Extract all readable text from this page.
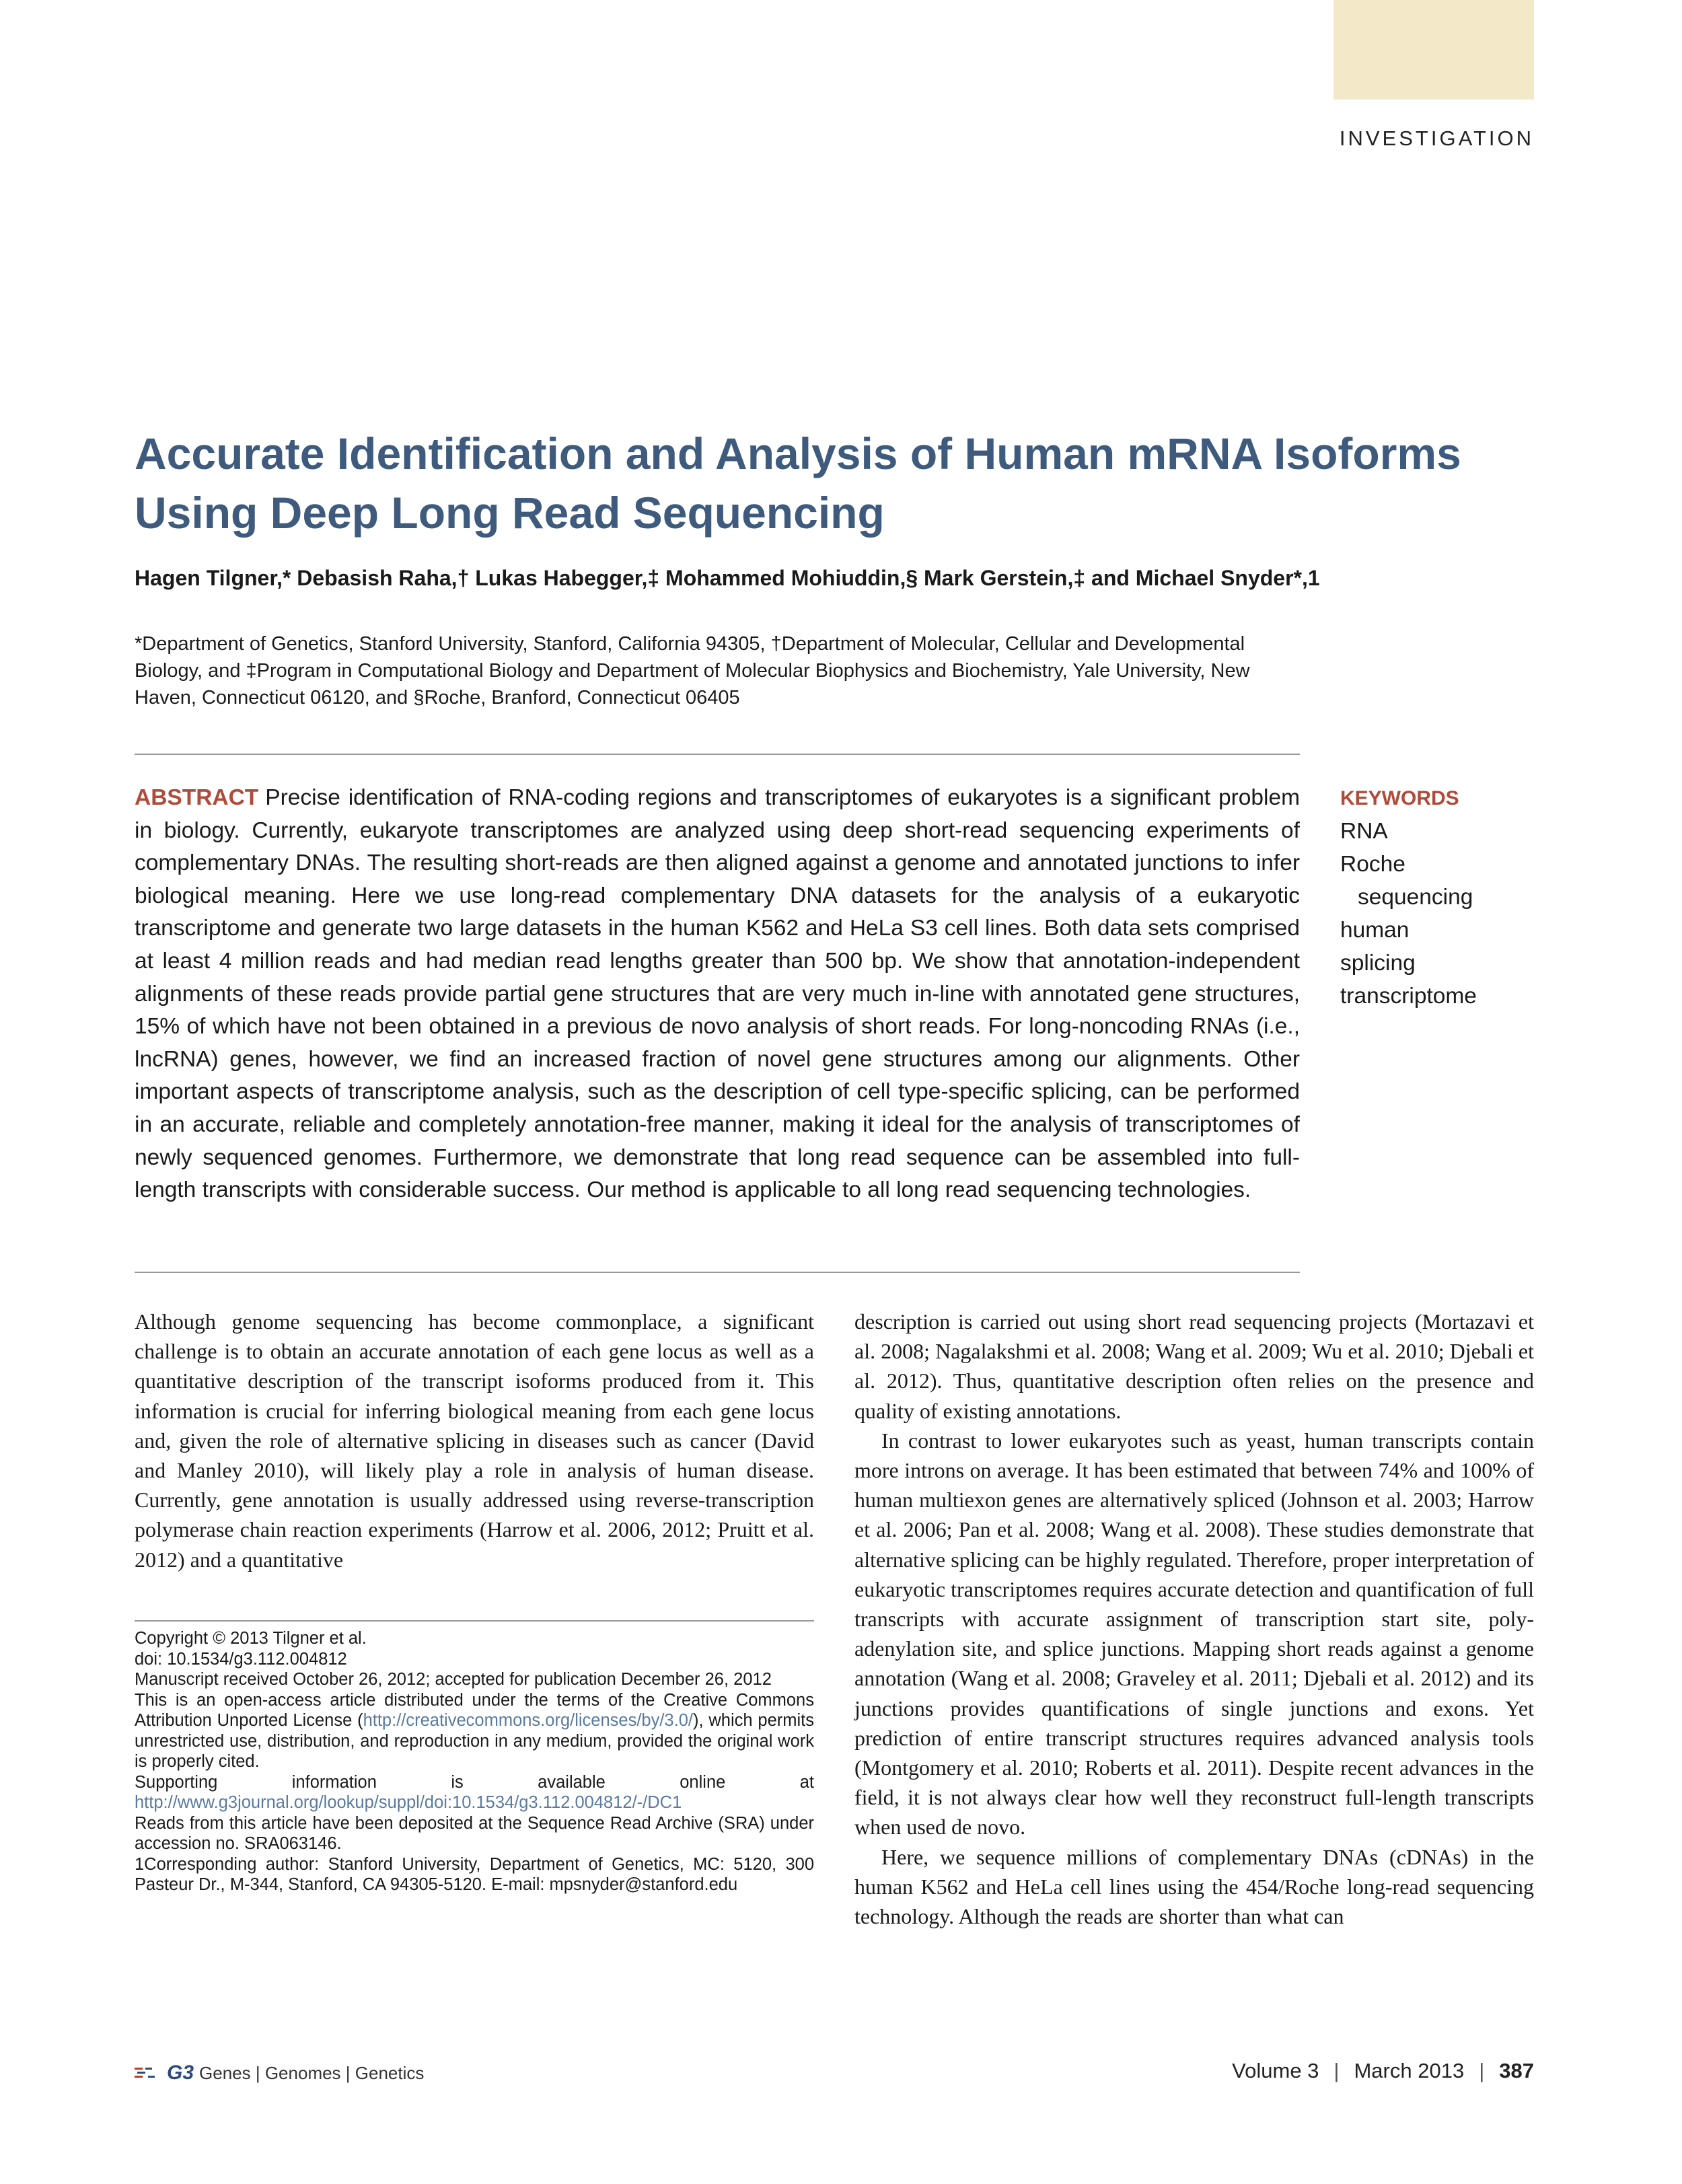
INVESTIGATION
Accurate Identification and Analysis of Human mRNA Isoforms Using Deep Long Read Sequencing
Hagen Tilgner,* Debasish Raha,† Lukas Habegger,‡ Mohammed Mohiuddin,§ Mark Gerstein,‡ and Michael Snyder*,1
*Department of Genetics, Stanford University, Stanford, California 94305, †Department of Molecular, Cellular and Developmental Biology, and ‡Program in Computational Biology and Department of Molecular Biophysics and Biochemistry, Yale University, New Haven, Connecticut 06120, and §Roche, Branford, Connecticut 06405
ABSTRACT Precise identification of RNA-coding regions and transcriptomes of eukaryotes is a significant problem in biology. Currently, eukaryote transcriptomes are analyzed using deep short-read sequencing experiments of complementary DNAs. The resulting short-reads are then aligned against a genome and annotated junctions to infer biological meaning. Here we use long-read complementary DNA datasets for the analysis of a eukaryotic transcriptome and generate two large datasets in the human K562 and HeLa S3 cell lines. Both data sets comprised at least 4 million reads and had median read lengths greater than 500 bp. We show that annotation-independent alignments of these reads provide partial gene structures that are very much in-line with annotated gene structures, 15% of which have not been obtained in a previous de novo analysis of short reads. For long-noncoding RNAs (i.e., lncRNA) genes, however, we find an increased fraction of novel gene structures among our alignments. Other important aspects of transcriptome analysis, such as the description of cell type-specific splicing, can be performed in an accurate, reliable and completely annotation-free manner, making it ideal for the analysis of transcriptomes of newly sequenced genomes. Furthermore, we demonstrate that long read sequence can be assembled into full-length transcripts with considerable success. Our method is applicable to all long read sequencing technologies.
KEYWORDS
RNA
Roche
sequencing
human
splicing
transcriptome

Although genome sequencing has become commonplace, a significant challenge is to obtain an accurate annotation of each gene locus as well as a quantitative description of the transcript isoforms produced from it. This information is crucial for inferring biological meaning from each gene locus and, given the role of alternative splicing in diseases such as cancer (David and Manley 2010), will likely play a role in analysis of human disease. Currently, gene annotation is usually addressed using reverse-transcription polymerase chain reaction experiments (Harrow et al. 2006, 2012; Pruitt et al. 2012) and a quantitative

description is carried out using short read sequencing projects (Mortazavi et al. 2008; Nagalakshmi et al. 2008; Wang et al. 2009; Wu et al. 2010; Djebali et al. 2012). Thus, quantitative description often relies on the presence and quality of existing annotations.

In contrast to lower eukaryotes such as yeast, human transcripts contain more introns on average. It has been estimated that between 74% and 100% of human multiexon genes are alternatively spliced (Johnson et al. 2003; Harrow et al. 2006; Pan et al. 2008; Wang et al. 2008). These studies demonstrate that alternative splicing can be highly regulated. Therefore, proper interpretation of eukaryotic transcriptomes requires accurate detection and quantification of full transcripts with accurate assignment of transcription start site, poly-adenylation site, and splice junctions. Mapping short reads against a genome annotation (Wang et al. 2008; Graveley et al. 2011; Djebali et al. 2012) and its junctions provides quantifications of single junctions and exons. Yet prediction of entire transcript structures requires advanced analysis tools (Montgomery et al. 2010; Roberts et al. 2011). Despite recent advances in the field, it is not always clear how well they reconstruct full-length transcripts when used de novo.

Here, we sequence millions of complementary DNAs (cDNAs) in the human K562 and HeLa cell lines using the 454/Roche long-read sequencing technology. Although the reads are shorter than what can

Copyright © 2013 Tilgner et al.
doi: 10.1534/g3.112.004812
Manuscript received October 26, 2012; accepted for publication December 26, 2012
This is an open-access article distributed under the terms of the Creative Commons Attribution Unported License (http://creativecommons.org/licenses/by/3.0/), which permits unrestricted use, distribution, and reproduction in any medium, provided the original work is properly cited.
Supporting information is available online at http://www.g3journal.org/lookup/suppl/doi:10.1534/g3.112.004812/-/DC1
Reads from this article have been deposited at the Sequence Read Archive (SRA) under accession no. SRA063146.
1Corresponding author: Stanford University, Department of Genetics, MC: 5120, 300 Pasteur Dr., M-344, Stanford, CA 94305-5120. E-mail: mpsnyder@stanford.edu
G3 Genes | Genomes | Genetics	Volume 3 | March 2013 | 387
